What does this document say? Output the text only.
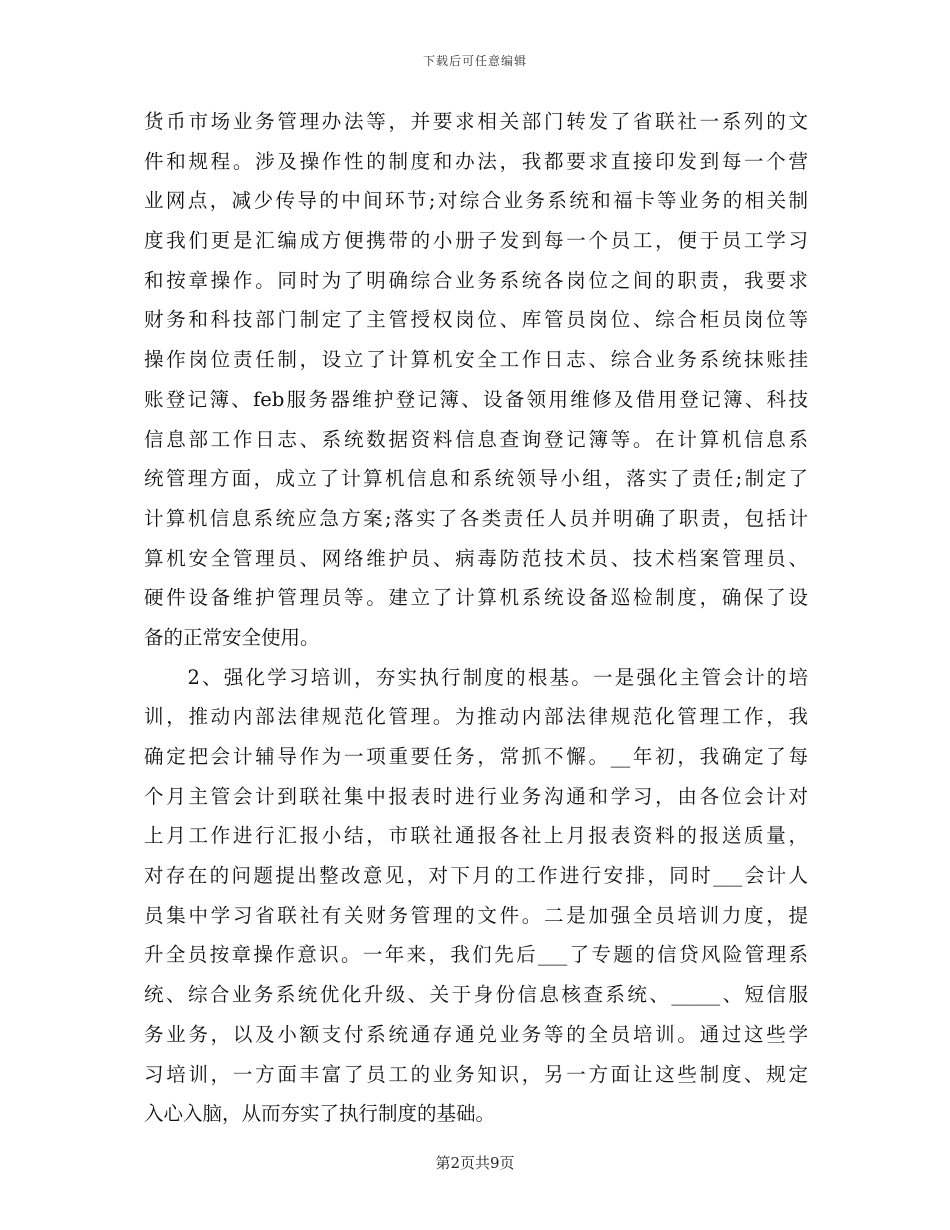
下载后可任意编辑
货币市场业务管理办法等，并要求相关部门转发了省联社一系列的文
件和规程。涉及操作性的制度和办法，我都要求直接印发到每一个营
业网点，减少传导的中间环节;对综合业务系统和福卡等业务的相关制
度我们更是汇编成方便携带的小册子发到每一个员工，便于员工学习
和按章操作。同时为了明确综合业务系统各岗位之间的职责，我要求
财务和科技部门制定了主管授权岗位、库管员岗位、综合柜员岗位等
操作岗位责任制，设立了计算机安全工作日志、综合业务系统抹账挂
账登记簿、feb服务器维护登记簿、设备领用维修及借用登记簿、科技
信息部工作日志、系统数据资料信息查询登记簿等。在计算机信息系
统管理方面，成立了计算机信息和系统领导小组，落实了责任;制定了
计算机信息系统应急方案;落实了各类责任人员并明确了职责，包括计
算机安全管理员、网络维护员、病毒防范技术员、技术档案管理员、
硬件设备维护管理员等。建立了计算机系统设备巡检制度，确保了设
备的正常安全使用。
　　2、强化学习培训，夯实执行制度的根基。一是强化主管会计的培
训，推动内部法律规范化管理。为推动内部法律规范化管理工作，我
确定把会计辅导作为一项重要任务，常抓不懈。__年初，我确定了每
个月主管会计到联社集中报表时进行业务沟通和学习，由各位会计对
上月工作进行汇报小结，市联社通报各社上月报表资料的报送质量，
对存在的问题提出整改意见，对下月的工作进行安排，同时___会计人
员集中学习省联社有关财务管理的文件。二是加强全员培训力度，提
升全员按章操作意识。一年来，我们先后___了专题的信贷风险管理系
统、综合业务系统优化升级、关于身份信息核查系统、_____、短信服
务业务，以及小额支付系统通存通兑业务等的全员培训。通过这些学
习培训，一方面丰富了员工的业务知识，另一方面让这些制度、规定
入心入脑，从而夯实了执行制度的基础。
第2页共9页
